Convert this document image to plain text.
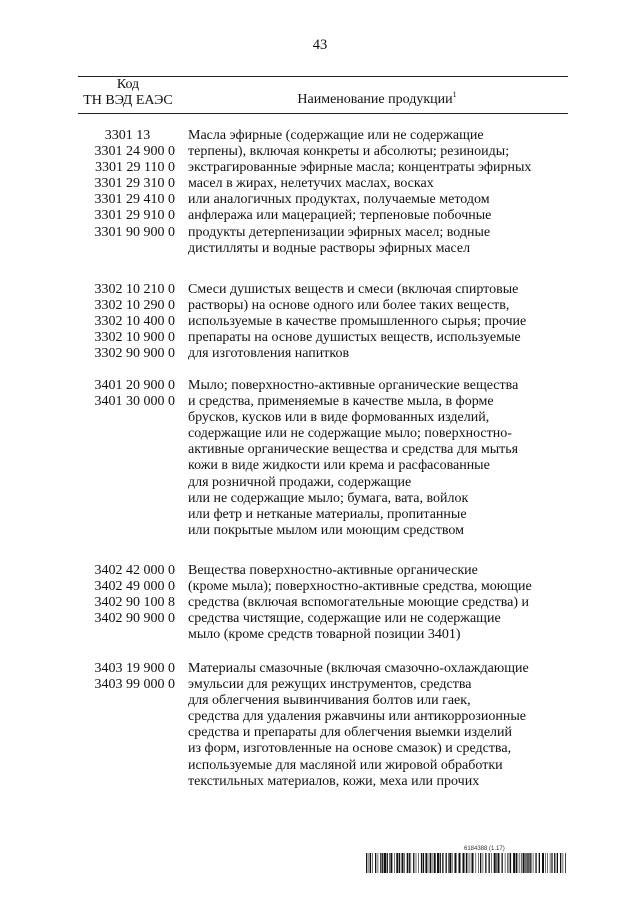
43
Код
ТН ВЭД ЕАЭС	Наименование продукции$^1$
3301 13
3301 24 900 0
3301 29 110 0
3301 29 310 0
3301 29 410 0
3301 29 910 0
3301 90 900 0
Масла эфирные (содержащие или не содержащие
терпены), включая конкреты и абсолюты; резиноиды;
экстрагированные эфирные масла; концентраты эфирных
масел в жирах, нелетучих маслах, восках
или аналогичных продуктах, получаемые методом
анфлеража или мацерацией; терпеновые побочные
продукты детерпенизации эфирных масел; водные
дистилляты и водные растворы эфирных масел
3302 10 210 0
3302 10 290 0
3302 10 400 0
3302 10 900 0
3302 90 900 0
Смеси душистых веществ и смеси (включая спиртовые
растворы) на основе одного или более таких веществ,
используемые в качестве промышленного сырья; прочие
препараты на основе душистых веществ, используемые
для изготовления напитков
3401 20 900 0
3401 30 000 0
Мыло; поверхностно-активные органические вещества
и средства, применяемые в качестве мыла, в форме
брусков, кусков или в виде формованных изделий,
содержащие или не содержащие мыло; поверхностно-
активные органические вещества и средства для мытья
кожи в виде жидкости или крема и расфасованные
для розничной продажи, содержащие
или не содержащие мыло; бумага, вата, войлок
или фетр и нетканые материалы, пропитанные
или покрытые мылом или моющим средством
3402 42 000 0
3402 49 000 0
3402 90 100 8
3402 90 900 0
Вещества поверхностно-активные органические
(кроме мыла); поверхностно-активные средства, моющие
средства (включая вспомогательные моющие средства) и
средства чистящие, содержащие или не содержащие
мыло (кроме средств товарной позиции 3401)
3403 19 900 0
3403 99 000 0
Материалы смазочные (включая смазочно-охлаждающие
эмульсии для режущих инструментов, средства
для облегчения вывинчивания болтов или гаек,
средства для удаления ржавчины или антикоррозионные
средства и препараты для облегчения выемки изделий
из форм, изготовленные на основе смазок) и средства,
используемые для масляной или жировой обработки
текстильных материалов, кожи, меха или прочих
6184388 (1.17)
